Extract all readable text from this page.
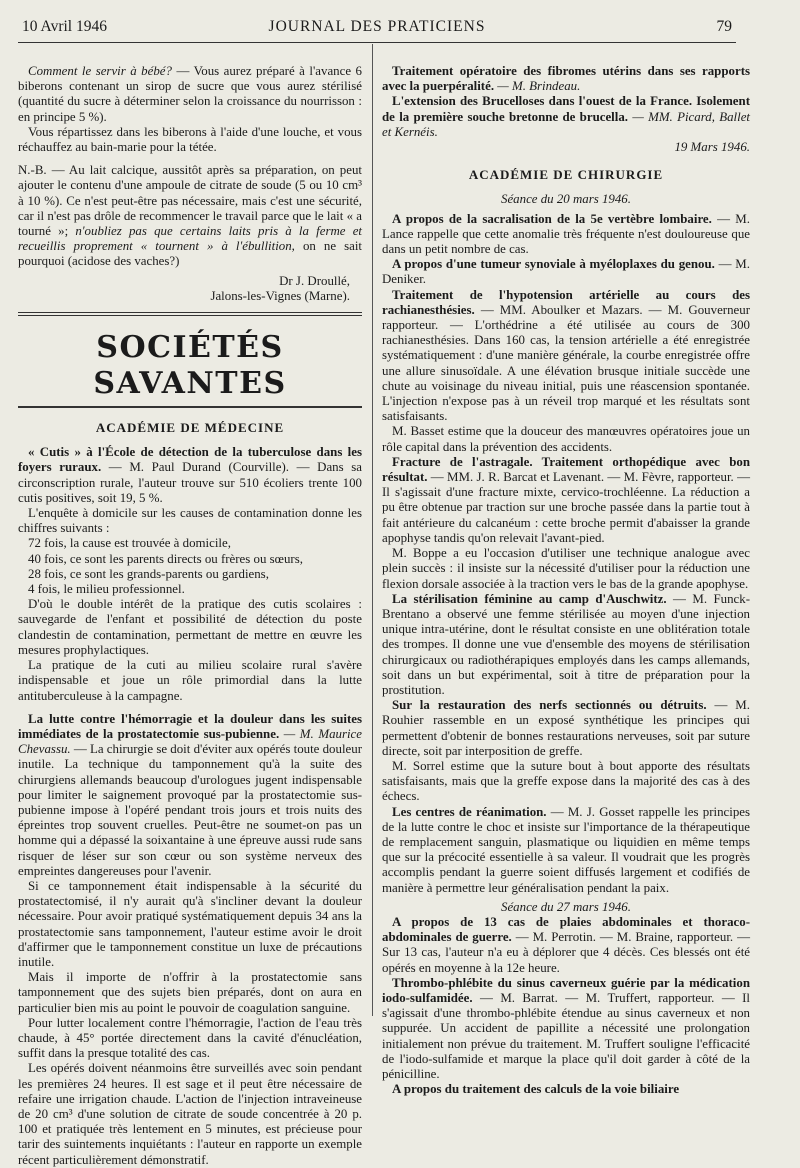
10 Avril 1946	JOURNAL DES PRATICIENS	79

Comment le servir à bébé? — Vous aurez préparé à l'avance 6 biberons contenant un sirop de sucre que vous aurez stérilisé (quantité du sucre à déterminer selon la croissance du nourrisson : en principe 5 %).

Vous répartissez dans les biberons à l'aide d'une louche, et vous réchauffez au bain-marie pour la tétée.

N.-B. — Au lait calcique, aussitôt après sa préparation, on peut ajouter le contenu d'une ampoule de citrate de soude (5 ou 10 cm³ à 10 %). Ce n'est peut-être pas nécessaire, mais c'est une sécurité, car il n'est pas drôle de recommencer le travail parce que le lait « a tourné »; n'oubliez pas que certains laits pris à la ferme et recueillis proprement « tournent » à l'ébullition, on ne sait pourquoi (acidose des vaches?)

Dr J. Droullé,

Jalons-les-Vignes (Marne).

SOCIÉTÉS SAVANTES
ACADÉMIE DE MÉDECINE

« Cutis » à l'École de détection de la tuberculose dans les foyers ruraux. — M. Paul Durand (Courville). — Dans sa circonscription rurale, l'auteur trouve sur 510 écoliers trente 100 cutis positives, soit 19, 5 %.

L'enquête à domicile sur les causes de contamination donne les chiffres suivants :

72 fois, la cause est trouvée à domicile,

40 fois, ce sont les parents directs ou frères ou sœurs,

28 fois, ce sont les grands-parents ou gardiens,

4 fois, le milieu professionnel.

D'où le double intérêt de la pratique des cutis scolaires : sauvegarde de l'enfant et possibilité de détection du poste clandestin de contamination, permettant de mettre en œuvre les mesures prophylactiques.

La pratique de la cuti au milieu scolaire rural s'avère indispensable et joue un rôle primordial dans la lutte antituberculeuse à la campagne.

La lutte contre l'hémorragie et la douleur dans les suites immédiates de la prostatectomie sus-pubienne. — M. Maurice Chevassu. — La chirurgie se doit d'éviter aux opérés toute douleur inutile. La technique du tamponnement qu'à la suite des chirurgiens allemands beaucoup d'urologues jugent indispensable pour limiter le saignement provoqué par la prostatectomie sus-pubienne impose à l'opéré pendant trois jours et trois nuits des épreintes trop souvent cruelles. Peut-être ne soumet-on pas un homme qui a dépassé la soixantaine à une épreuve aussi rude sans risquer de léser sur son cœur ou son système nerveux des empreintes dangereuses pour l'avenir.

Si ce tamponnement était indispensable à la sécurité du prostatectomisé, il n'y aurait qu'à s'incliner devant la douleur nécessaire. Pour avoir pratiqué systématiquement depuis 34 ans la prostatectomie sans tamponnement, l'auteur estime avoir le droit d'affirmer que le tamponnement constitue un luxe de précautions inutile.

Mais il importe de n'offrir à la prostatectomie sans tamponnement que des sujets bien préparés, dont on aura en particulier bien mis au point le pouvoir de coagulation sanguine.

Pour lutter localement contre l'hémorragie, l'action de l'eau très chaude, à 45° portée directement dans la cavité d'énucléation, suffit dans la presque totalité des cas.

Les opérés doivent néanmoins être surveillés avec soin pendant les premières 24 heures. Il est sage et il peut être nécessaire de refaire une irrigation chaude. L'action de l'injection intraveineuse de 20 cm³ d'une solution de citrate de soude concentrée à 20 p. 100 et pratiquée très lentement en 5 minutes, est précieuse pour tarir des suintements inquiétants : l'auteur en rapporte un exemple récent particulièrement démonstratif.

Traitement opératoire des fibromes utérins dans ses rapports avec la puerpéralité. — M. Brindeau.

L'extension des Brucelloses dans l'ouest de la France. Isolement de la première souche bretonne de brucella. — MM. Picard, Ballet et Kernéis.

19 Mars 1946.

ACADÉMIE DE CHIRURGIE

Séance du 20 mars 1946.

A propos de la sacralisation de la 5e vertèbre lombaire. — M. Lance rappelle que cette anomalie très fréquente n'est douloureuse que dans un petit nombre de cas.

A propos d'une tumeur synoviale à myéloplaxes du genou. — M. Deniker.

Traitement de l'hypotension artérielle au cours des rachianesthésies. — MM. Aboulker et Mazars. — M. Gouverneur rapporteur. — L'orthédrine a été utilisée au cours de 300 rachianesthésies. Dans 160 cas, la tension artérielle a été enregistrée systématiquement : d'une manière générale, la courbe enregistrée offre une allure sinusoïdale. A une élévation brusque initiale succède une chute au voisinage du niveau initial, puis une réascension spontanée. L'injection n'expose pas à un réveil trop marqué et les résultats sont satisfaisants.

M. Basset estime que la douceur des manœuvres opératoires joue un rôle capital dans la prévention des accidents.

Fracture de l'astragale. Traitement orthopédique avec bon résultat. — MM. J. R. Barcat et Lavenant. — M. Fèvre, rapporteur. — Il s'agissait d'une fracture mixte, cervico-trochléenne. La réduction a pu être obtenue par traction sur une broche passée dans la partie tout à fait antérieure du calcanéum : cette broche permit d'abaisser la grande apophyse tandis qu'on relevait l'avant-pied.

M. Boppe a eu l'occasion d'utiliser une technique analogue avec plein succès : il insiste sur la nécessité d'utiliser pour la réduction une flexion dorsale associée à la traction vers le bas de la grande apophyse.

La stérilisation féminine au camp d'Auschwitz. — M. Funck-Brentano a observé une femme stérilisée au moyen d'une injection unique intra-utérine, dont le résultat consiste en une oblitération totale des trompes. Il donne une vue d'ensemble des moyens de stérilisation chirurgicaux ou radiothérapiques employés dans les camps allemands, soit dans un but expérimental, soit à titre de préparation pour la prostitution.

Sur la restauration des nerfs sectionnés ou détruits. — M. Rouhier rassemble en un exposé synthétique les principes qui permettent d'obtenir de bonnes restaurations nerveuses, soit par suture directe, soit par interposition de greffe.

M. Sorrel estime que la suture bout à bout apporte des résultats satisfaisants, mais que la greffe expose dans la majorité des cas à des échecs.

Les centres de réanimation. — M. J. Gosset rappelle les principes de la lutte contre le choc et insiste sur l'importance de la thérapeutique de remplacement sanguin, plasmatique ou liquidien en même temps que sur la précocité essentielle à sa valeur. Il voudrait que les progrès accomplis pendant la guerre soient diffusés largement et codifiés de manière à permettre leur généralisation pendant la paix.

Séance du 27 mars 1946.

A propos de 13 cas de plaies abdominales et thoraco-abdominales de guerre. — M. Perrotin. — M. Braine, rapporteur. — Sur 13 cas, l'auteur n'a eu à déplorer que 4 décès. Ces blessés ont été opérés en moyenne à la 12e heure.

Thrombo-phlébite du sinus caverneux guérie par la médication iodo-sulfamidée. — M. Barrat. — M. Truffert, rapporteur. — Il s'agissait d'une thrombo-phlébite étendue au sinus caverneux et non suppurée. Un accident de papillite a nécessité une prolongation initialement non prévue du traitement. M. Truffert souligne l'efficacité de l'iodo-sulfamide et marque la place qu'il doit garder à côté de la pénicilline.

A propos du traitement des calculs de la voie biliaire
